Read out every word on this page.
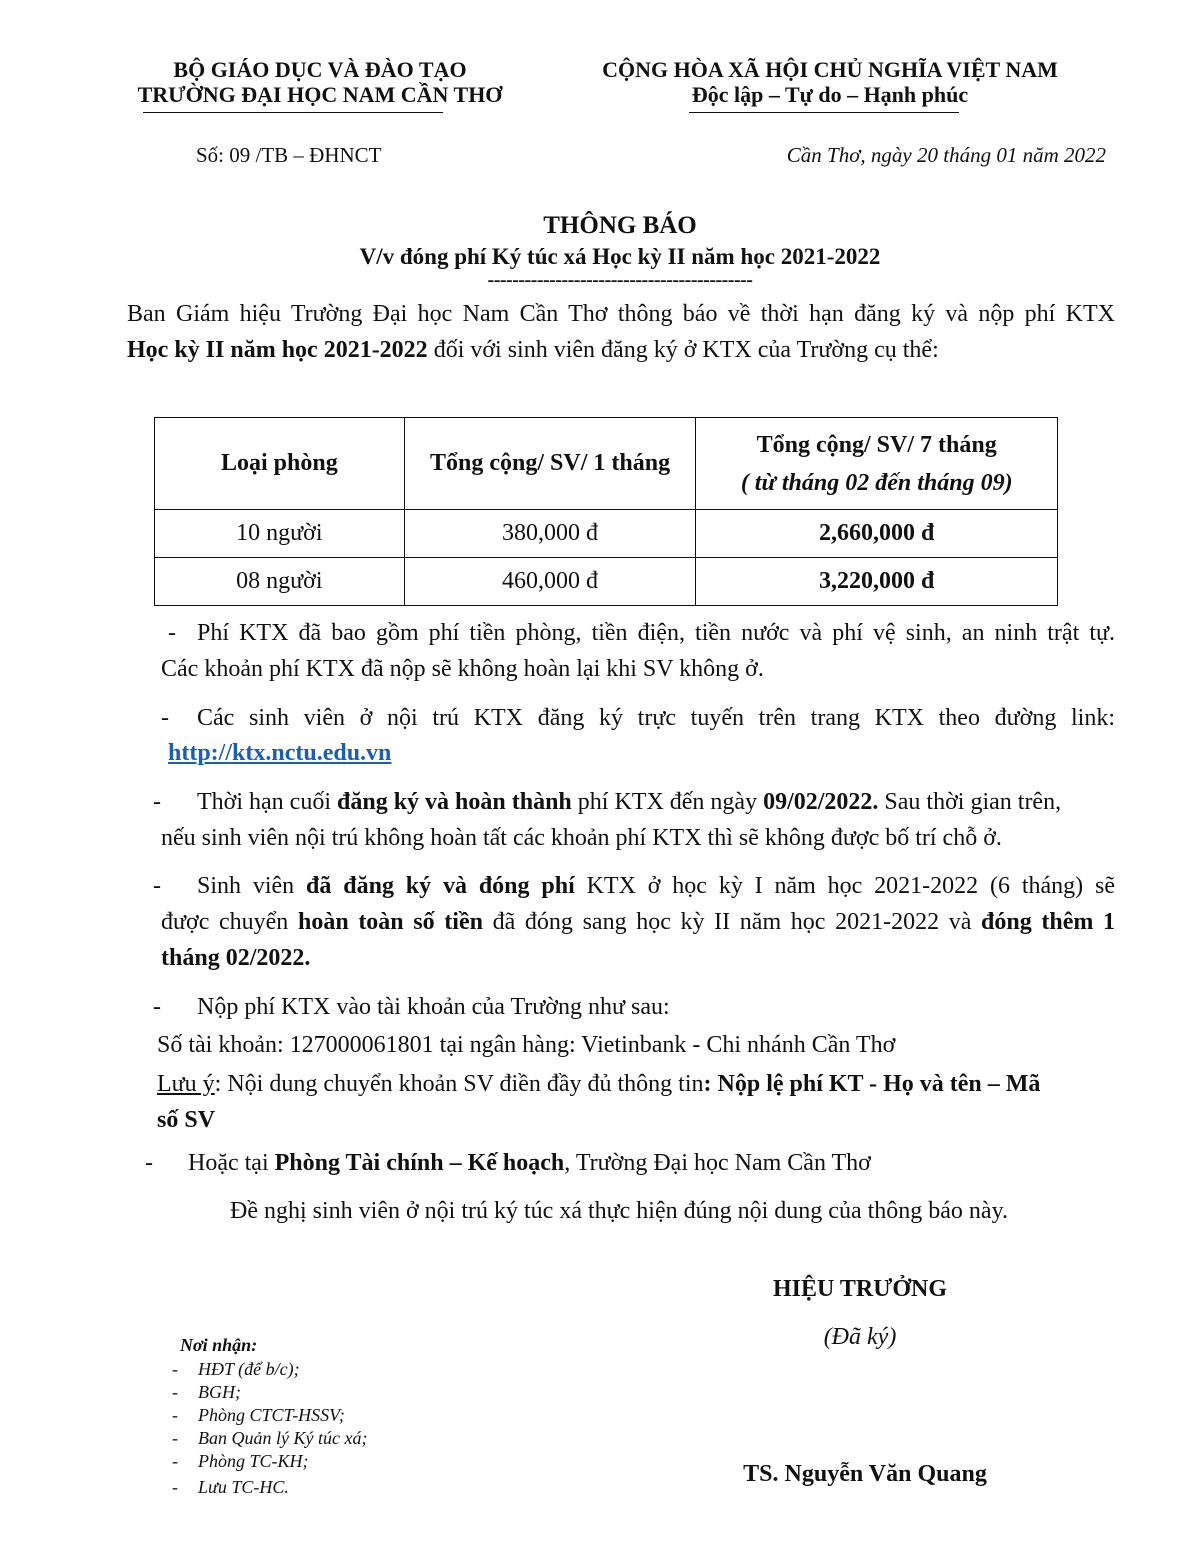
BỘ GIÁO DỤC VÀ ĐÀO TẠO
TRƯỜNG ĐẠI HỌC NAM CẦN THƠ
CỘNG HÒA XÃ HỘI CHỦ NGHĨA VIỆT NAM
Độc lập – Tự do – Hạnh phúc
Số: 09 /TB – ĐHNCT	Cần Thơ, ngày 20 tháng 01 năm 2022
THÔNG BÁO
V/v đóng phí Ký túc xá Học kỳ II năm học 2021-2022
-------------------------------------------
Ban Giám hiệu Trường Đại học Nam Cần Thơ thông báo về thời hạn đăng ký và nộp phí KTX
Học kỳ II năm học 2021-2022 đối với sinh viên đăng ký ở KTX của Trường cụ thể:
Loại phòng	Tổng cộng/ SV/ 1 tháng	Tổng cộng/ SV/ 7 tháng
( từ tháng 02 đến tháng 09)

10 người	380,000 đ	2,660,000 đ
08 người	460,000 đ	3,220,000 đ
- Phí KTX đã bao gồm phí tiền phòng, tiền điện, tiền nước và phí vệ sinh, an ninh trật tự.
Các khoản phí KTX đã nộp sẽ không hoàn lại khi SV không ở.
- Các sinh viên ở nội trú KTX đăng ký trực tuyến trên trang KTX theo đường link:
http://ktx.nctu.edu.vn
- Thời hạn cuối đăng ký và hoàn thành phí KTX đến ngày 09/02/2022. Sau thời gian trên,
nếu sinh viên nội trú không hoàn tất các khoản phí KTX thì sẽ không được bố trí chỗ ở.
- Sinh viên đã đăng ký và đóng phí KTX ở học kỳ I năm học 2021-2022 (6 tháng) sẽ
được chuyển hoàn toàn số tiền đã đóng sang học kỳ II năm học 2021-2022 và đóng thêm 1
tháng 02/2022.
- Nộp phí KTX vào tài khoản của Trường như sau:
Số tài khoản: 127000061801 tại ngân hàng: Vietinbank - Chi nhánh Cần Thơ
Lưu ý: Nội dung chuyển khoản SV điền đầy đủ thông tin: Nộp lệ phí KT - Họ và tên – Mã
số SV
- Hoặc tại Phòng Tài chính – Kế hoạch, Trường Đại học Nam Cần Thơ
Đề nghị sinh viên ở nội trú ký túc xá thực hiện đúng nội dung của thông báo này.
HIỆU TRƯỞNG
(Đã ký)
TS. Nguyễn Văn Quang
Nơi nhận:
- HĐT (để b/c);
- BGH;
- Phòng CTCT-HSSV;
- Ban Quản lý Ký túc xá;
- Phòng TC-KH;
- Lưu TC-HC.
